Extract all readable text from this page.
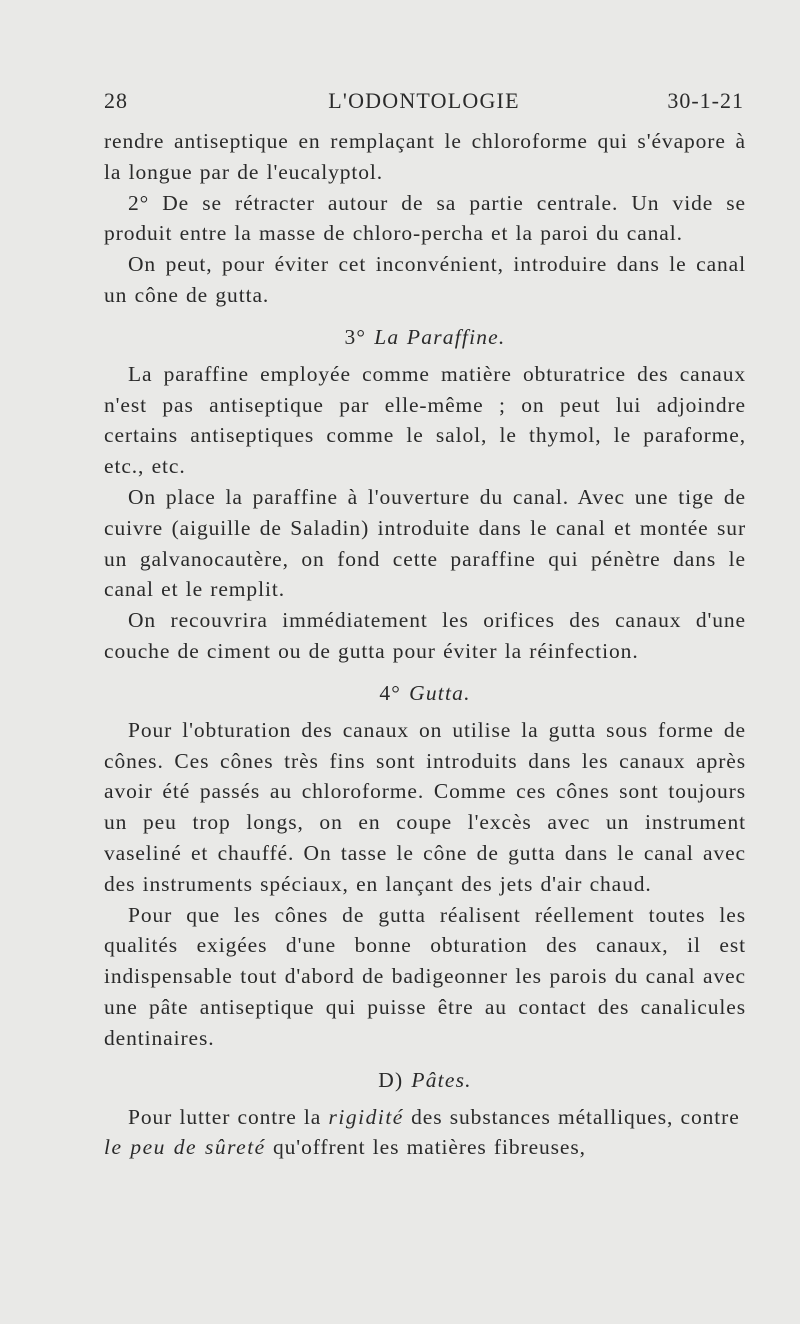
28	L'ODONTOLOGIE	30-1-21

rendre antiseptique en remplaçant le chloroforme qui s'évapore à la longue par de l'eucalyptol.

2° De se rétracter autour de sa partie centrale. Un vide se produit entre la masse de chloro-percha et la paroi du canal.

On peut, pour éviter cet inconvénient, introduire dans le canal un cône de gutta.

3° La Paraffine.

La paraffine employée comme matière obturatrice des canaux n'est pas antiseptique par elle-même ; on peut lui adjoindre certains antiseptiques comme le salol, le thymol, le paraforme, etc., etc.

On place la paraffine à l'ouverture du canal. Avec une tige de cuivre (aiguille de Saladin) introduite dans le canal et montée sur un galvanocautère, on fond cette paraffine qui pénètre dans le canal et le remplit.

On recouvrira immédiatement les orifices des canaux d'une couche de ciment ou de gutta pour éviter la réinfection.

4° Gutta.

Pour l'obturation des canaux on utilise la gutta sous forme de cônes. Ces cônes très fins sont introduits dans les canaux après avoir été passés au chloroforme. Comme ces cônes sont toujours un peu trop longs, on en coupe l'excès avec un instrument vaseliné et chauffé. On tasse le cône de gutta dans le canal avec des instruments spéciaux, en lançant des jets d'air chaud.

Pour que les cônes de gutta réalisent réellement toutes les qualités exigées d'une bonne obturation des canaux, il est indispensable tout d'abord de badigeonner les parois du canal avec une pâte antiseptique qui puisse être au contact des canalicules dentinaires.

D) Pâtes.

Pour lutter contre la rigidité des substances métalliques, contre le peu de sûreté qu'offrent les matières fibreuses,
